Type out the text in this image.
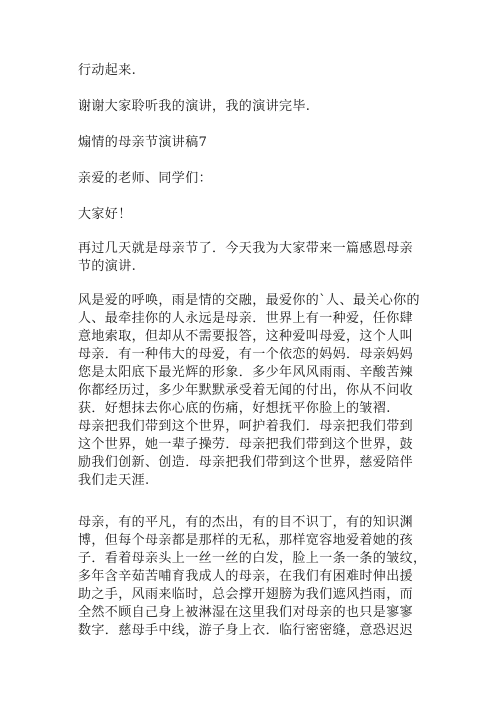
行动起来.

谢谢大家聆听我的演讲，我的演讲完毕.

煽情的母亲节演讲稿7

亲爱的老师、同学们：

大家好！

再过几天就是母亲节了．今天我为大家带来一篇感恩母亲
节的演讲.

风是爱的呼唤，雨是情的交融，最爱你的`人、最关心你的
人、最牵挂你的人永远是母亲．世界上有一种爱，任你肆
意地索取，但却从不需要报答，这种爱叫母爱，这个人叫
母亲．有一种伟大的母爱，有一个依恋的妈妈．母亲妈妈
您是太阳底下最光辉的形象．多少年风风雨雨、辛酸苦辣
你都经历过，多少年默默承受着无闻的付出，你从不问收
获．好想抹去你心底的伤痛，好想抚平你脸上的皱褶.

母亲把我们带到这个世界，呵护着我们．母亲把我们带到
这个世界，她一辈子操劳．母亲把我们带到这个世界，鼓
励我们创新、创造．母亲把我们带到这个世界，慈爱陪伴
我们走天涯.

母亲，有的平凡，有的杰出，有的目不识丁，有的知识渊
博，但每个母亲都是那样的无私，那样宽容地爱着她的孩
子．看着母亲头上一丝一丝的白发，脸上一条一条的皱纹，
多年含辛茹苦哺育我成人的母亲，在我们有困难时伸出援
助之手，风雨来临时，总会撑开翅膀为我们遮风挡雨，而
全然不顾自己身上被淋湿在这里我们对母亲的也只是寥寥
数字．慈母手中线，游子身上衣．临行密密缝，意恐迟迟
